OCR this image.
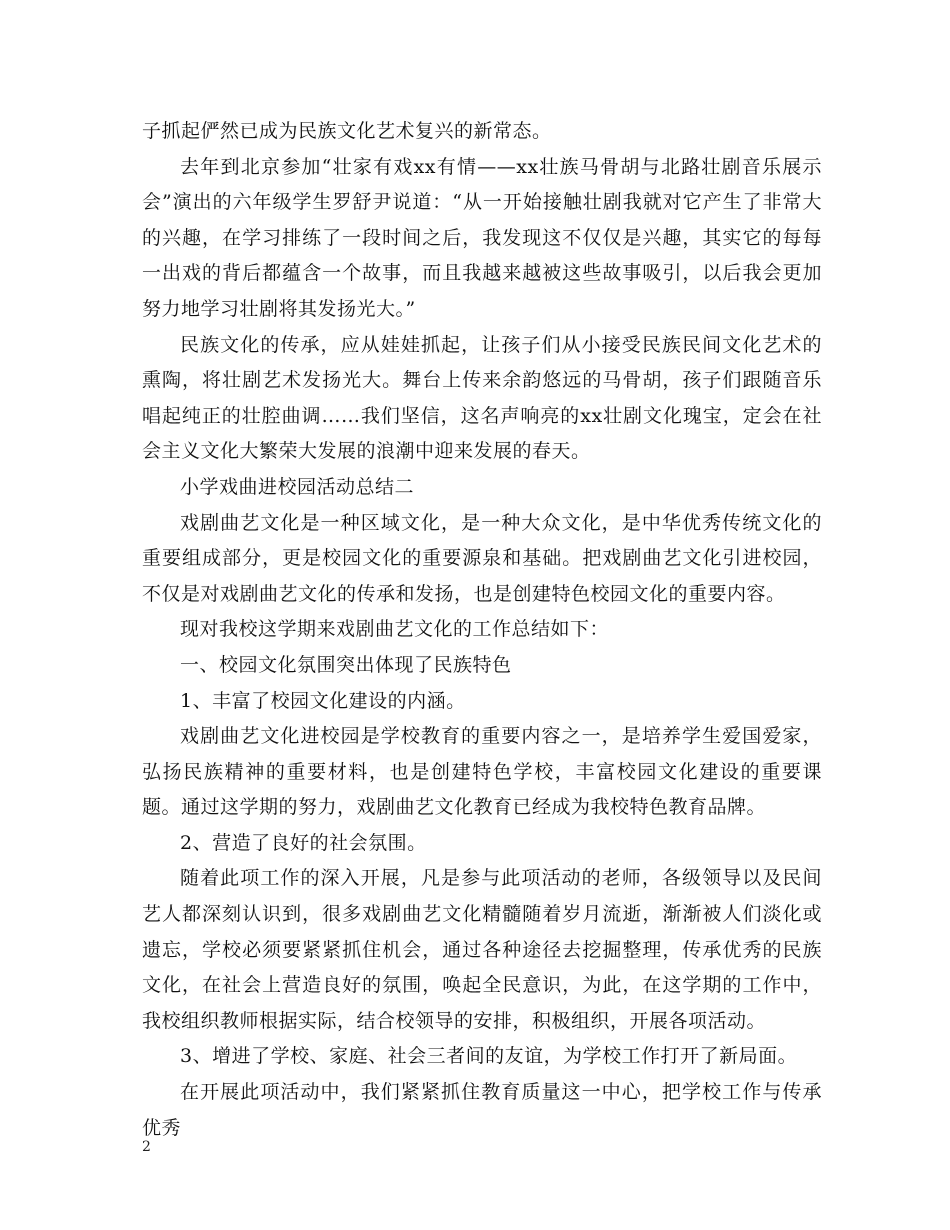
子抓起俨然已成为民族文化艺术复兴的新常态。

去年到北京参加“壮家有戏xx有情——xx壮族马骨胡与北路壮剧音乐展示会”演出的六年级学生罗舒尹说道：“从一开始接触壮剧我就对它产生了非常大的兴趣，在学习排练了一段时间之后，我发现这不仅仅是兴趣，其实它的每每一出戏的背后都蕴含一个故事，而且我越来越被这些故事吸引，以后我会更加努力地学习壮剧将其发扬光大。”

民族文化的传承，应从娃娃抓起，让孩子们从小接受民族民间文化艺术的熏陶，将壮剧艺术发扬光大。舞台上传来余韵悠远的马骨胡，孩子们跟随音乐唱起纯正的壮腔曲调……我们坚信，这名声响亮的xx壮剧文化瑰宝，定会在社会主义文化大繁荣大发展的浪潮中迎来发展的春天。

小学戏曲进校园活动总结二

戏剧曲艺文化是一种区域文化，是一种大众文化，是中华优秀传统文化的重要组成部分，更是校园文化的重要源泉和基础。把戏剧曲艺文化引进校园，不仅是对戏剧曲艺文化的传承和发扬，也是创建特色校园文化的重要内容。

现对我校这学期来戏剧曲艺文化的工作总结如下：

一、校园文化氛围突出体现了民族特色

1、丰富了校园文化建设的内涵。

戏剧曲艺文化进校园是学校教育的重要内容之一，是培养学生爱国爱家，弘扬民族精神的重要材料，也是创建特色学校，丰富校园文化建设的重要课题。通过这学期的努力，戏剧曲艺文化教育已经成为我校特色教育品牌。

2、营造了良好的社会氛围。

随着此项工作的深入开展，凡是参与此项活动的老师，各级领导以及民间艺人都深刻认识到，很多戏剧曲艺文化精髓随着岁月流逝，渐渐被人们淡化或遗忘，学校必须要紧紧抓住机会，通过各种途径去挖掘整理，传承优秀的民族文化，在社会上营造良好的氛围，唤起全民意识，为此，在这学期的工作中，我校组织教师根据实际，结合校领导的安排，积极组织，开展各项活动。

3、增进了学校、家庭、社会三者间的友谊，为学校工作打开了新局面。

在开展此项活动中，我们紧紧抓住教育质量这一中心，把学校工作与传承优秀

2
